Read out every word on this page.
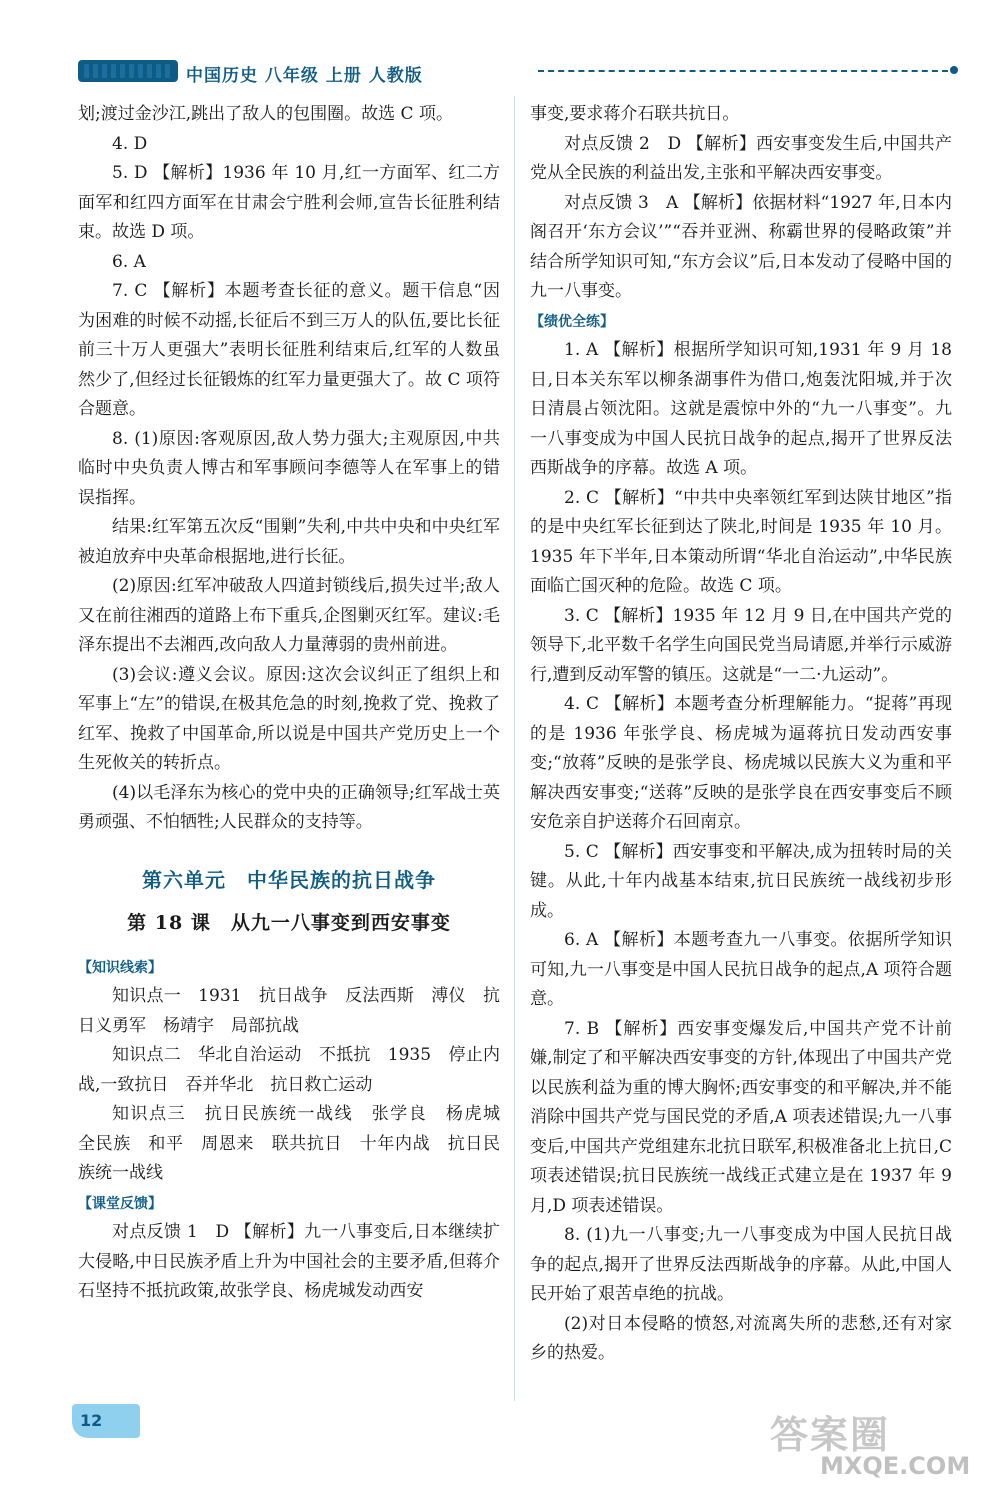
中国历史 八年级 上册 人教版

划;渡过金沙江,跳出了敌人的包围圈。故选 C 项。

4. D

5. D 【解析】1936 年 10 月,红一方面军、红二方面军和红四方面军在甘肃会宁胜利会师,宣告长征胜利结束。故选 D 项。

6. A

7. C 【解析】本题考查长征的意义。题干信息“因为困难的时候不动摇,长征后不到三万人的队伍,要比长征前三十万人更强大”表明长征胜利结束后,红军的人数虽然少了,但经过长征锻炼的红军力量更强大了。故 C 项符合题意。

8. (1)原因:客观原因,敌人势力强大;主观原因,中共临时中央负责人博古和军事顾问李德等人在军事上的错误指挥。

结果:红军第五次反“围剿”失利,中共中央和中央红军被迫放弃中央革命根据地,进行长征。

(2)原因:红军冲破敌人四道封锁线后,损失过半;敌人又在前往湘西的道路上布下重兵,企图剿灭红军。建议:毛泽东提出不去湘西,改向敌人力量薄弱的贵州前进。

(3)会议:遵义会议。原因:这次会议纠正了组织上和军事上“左”的错误,在极其危急的时刻,挽救了党、挽救了红军、挽救了中国革命,所以说是中国共产党历史上一个生死攸关的转折点。

(4)以毛泽东为核心的党中央的正确领导;红军战士英勇顽强、不怕牺牲;人民群众的支持等。

第六单元　中华民族的抗日战争
第 18 课　从九一八事变到西安事变
【知识线索】

知识点一　1931　抗日战争　反法西斯　溥仪　抗日义勇军　杨靖宇　局部抗战

知识点二　华北自治运动　不抵抗　1935　停止内战,一致抗日　吞并华北　抗日救亡运动

知识点三　抗日民族统一战线　张学良　杨虎城　全民族　和平　周恩来　联共抗日　十年内战　抗日民族统一战线

【课堂反馈】

对点反馈 1　D 【解析】九一八事变后,日本继续扩大侵略,中日民族矛盾上升为中国社会的主要矛盾,但蒋介石坚持不抵抗政策,故张学良、杨虎城发动西安

事变,要求蒋介石联共抗日。

对点反馈 2　D 【解析】西安事变发生后,中国共产党从全民族的利益出发,主张和平解决西安事变。

对点反馈 3　A 【解析】依据材料“1927 年,日本内阁召开‘东方会议’”“吞并亚洲、称霸世界的侵略政策”并结合所学知识可知,“东方会议”后,日本发动了侵略中国的九一八事变。

【绩优全练】

1. A 【解析】根据所学知识可知,1931 年 9 月 18 日,日本关东军以柳条湖事件为借口,炮轰沈阳城,并于次日清晨占领沈阳。这就是震惊中外的“九一八事变”。九一八事变成为中国人民抗日战争的起点,揭开了世界反法西斯战争的序幕。故选 A 项。

2. C 【解析】“中共中央率领红军到达陕甘地区”指的是中央红军长征到达了陕北,时间是 1935 年 10 月。1935 年下半年,日本策动所谓“华北自治运动”,中华民族面临亡国灭种的危险。故选 C 项。

3. C 【解析】1935 年 12 月 9 日,在中国共产党的领导下,北平数千名学生向国民党当局请愿,并举行示威游行,遭到反动军警的镇压。这就是“一二·九运动”。

4. C 【解析】本题考查分析理解能力。“捉蒋”再现的是 1936 年张学良、杨虎城为逼蒋抗日发动西安事变;“放蒋”反映的是张学良、杨虎城以民族大义为重和平解决西安事变;“送蒋”反映的是张学良在西安事变后不顾安危亲自护送蒋介石回南京。

5. C 【解析】西安事变和平解决,成为扭转时局的关键。从此,十年内战基本结束,抗日民族统一战线初步形成。

6. A 【解析】本题考查九一八事变。依据所学知识可知,九一八事变是中国人民抗日战争的起点,A 项符合题意。

7. B 【解析】西安事变爆发后,中国共产党不计前嫌,制定了和平解决西安事变的方针,体现出了中国共产党以民族利益为重的博大胸怀;西安事变的和平解决,并不能消除中国共产党与国民党的矛盾,A 项表述错误;九一八事变后,中国共产党组建东北抗日联军,积极准备北上抗日,C 项表述错误;抗日民族统一战线正式建立是在 1937 年 9 月,D 项表述错误。

8. (1)九一八事变;九一八事变成为中国人民抗日战争的起点,揭开了世界反法西斯战争的序幕。从此,中国人民开始了艰苦卓绝的抗战。

(2)对日本侵略的愤怒,对流离失所的悲愁,还有对家乡的热爱。

12	答案圈
MXQE.COM
